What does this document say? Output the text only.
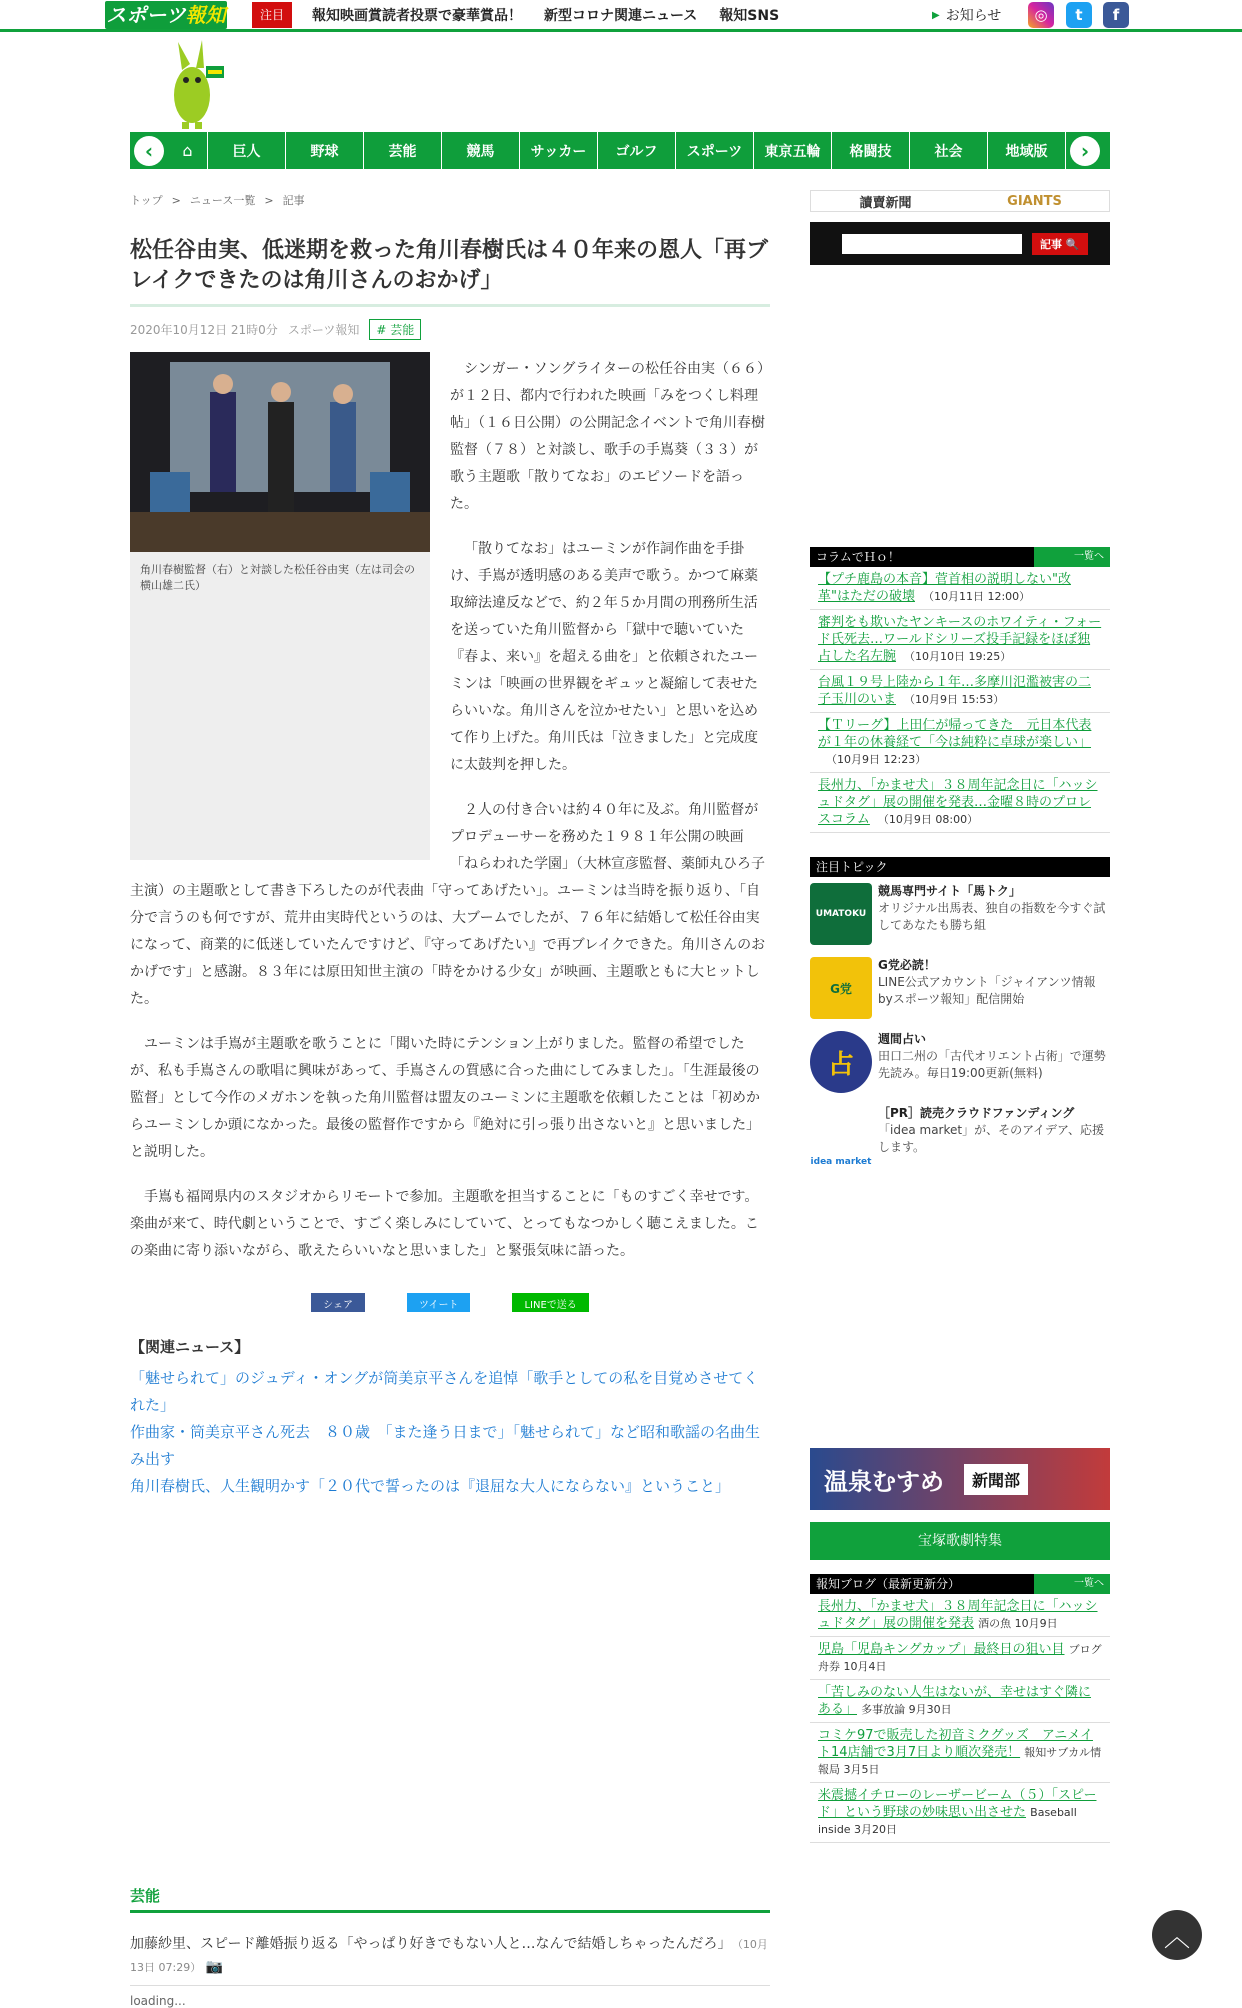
スポーツ報知	注目	報知映画賞読者投票で豪華賞品！ 新型コロナ関連ニュース 報知SNS	▶ お知らせ	◎	t	f
‹	⌂	巨人	野球	芸能	競馬	サッカー	ゴルフ	スポーツ	東京五輪	格闘技	社会	地域版	›
トップ > ニュース一覧 > 記事
松任谷由実、低迷期を救った角川春樹氏は４０年来の恩人「再ブレイクできたのは角川さんのおかげ」
2020年10月12日 21時0分 スポーツ報知	# 芸能

角川春樹監督（右）と対談した松任谷由実（左は司会の横山雄二氏）

シンガー・ソングライターの松任谷由実（６６）が１２日、都内で行われた映画「みをつくし料理帖」（１６日公開）の公開記念イベントで角川春樹監督（７８）と対談し、歌手の手嶌葵（３３）が歌う主題歌「散りてなお」のエピソードを語った。

「散りてなお」はユーミンが作詞作曲を手掛け、手嶌が透明感のある美声で歌う。かつて麻薬取締法違反などで、約２年５か月間の刑務所生活を送っていた角川監督から「獄中で聴いていた『春よ、来い』を超える曲を」と依頼されたユーミンは「映画の世界観をギュッと凝縮して表せたらいいな。角川さんを泣かせたい」と思いを込めて作り上げた。角川氏は「泣きました」と完成度に太鼓判を押した。

２人の付き合いは約４０年に及ぶ。角川監督がプロデューサーを務めた１９８１年公開の映画「ねらわれた学園」（大林宣彦監督、薬師丸ひろ子主演）の主題歌として書き下ろしたのが代表曲「守ってあげたい」。ユーミンは当時を振り返り、「自分で言うのも何ですが、荒井由実時代というのは、大ブームでしたが、７６年に結婚して松任谷由実になって、商業的に低迷していたんですけど、『守ってあげたい』で再ブレイクできた。角川さんのおかげです」と感謝。８３年には原田知世主演の「時をかける少女」が映画、主題歌ともに大ヒットした。

ユーミンは手嶌が主題歌を歌うことに「聞いた時にテンション上がりました。監督の希望でしたが、私も手嶌さんの歌唱に興味があって、手嶌さんの質感に合った曲にしてみました」。「生涯最後の監督」として今作のメガホンを執った角川監督は盟友のユーミンに主題歌を依頼したことは「初めからユーミンしか頭になかった。最後の監督作ですから『絶対に引っ張り出さないと』と思いました」と説明した。

手嶌も福岡県内のスタジオからリモートで参加。主題歌を担当することに「ものすごく幸せです。楽曲が来て、時代劇ということで、すごく楽しみにしていて、とってもなつかしく聴こえました。この楽曲に寄り添いながら、歌えたらいいなと思いました」と緊張気味に語った。

シェア	ツイート	LINEで送る
【関連ニュース】
「魅せられて」のジュディ・オングが筒美京平さんを追悼「歌手としての私を目覚めさせてくれた」
作曲家・筒美京平さん死去　８０歳　「また逢う日まで」「魅せられて」など昭和歌謡の名曲生み出す
角川春樹氏、人生観明かす「２０代で誓ったのは『退屈な大人にならない』ということ」
芸能
加藤紗里、スピード離婚振り返る「やっぱり好きでもない人と…なんで結婚しちゃったんだろ」 （10月13日 07:29） 📷
loading...
讀賣新聞	GIANTS
記事 🔍
コラムでＨｏ！	一覧へ
【プチ鹿島の本音】菅首相の説明しない"改革"はただの破壊 （10月11日 12:00）
審判をも欺いたヤンキースのホワイティ・フォード氏死去…ワールドシリーズ投手記録をほぼ独占した名左腕 （10月10日 19:25）
台風１９号上陸から１年…多摩川氾濫被害の二子玉川のいま （10月9日 15:53）
【Ｔリーグ】上田仁が帰ってきた　元日本代表が１年の休養経て「今は純粋に卓球が楽しい」（10月9日 12:23）
長州力、「かませ犬」３８周年記念日に「ハッシュドタグ」展の開催を発表…金曜８時のプロレスコラム （10月9日 08:00）
注目トピック
UMATOKU
競馬専門サイト「馬トク」
オリジナル出馬表、独自の指数を今すぐ試してあなたも勝ち組
G党
G党必読！
LINE公式アカウント「ジャイアンツ情報byスポーツ報知」配信開始
占
週間占い
田口二州の「古代オリエント占術」で運勢先読み。毎日19:00更新(無料)
idea market
［PR］読売クラウドファンディング
「idea market」が、そのアイデア、応援します。
温泉むすめ	新聞部
宝塚歌劇特集
報知ブログ（最新更新分）	一覧へ
長州力、「かませ犬」３８周年記念日に「ハッシュドタグ」展の開催を発表 酒の魚 10月9日
児島「児島キングカップ」最終日の狙い目 ブログ舟券 10月4日
「苦しみのない人生はないが、幸せはすぐ隣にある」 多事放論 9月30日
コミケ97で販売した初音ミクグッズ　アニメイト14店舗で3月7日より順次発売！ 報知サブカル情報局 3月5日
米震撼イチローのレーザービーム（５）「スピード」という野球の妙味思い出させた Baseball inside 3月20日
︿
